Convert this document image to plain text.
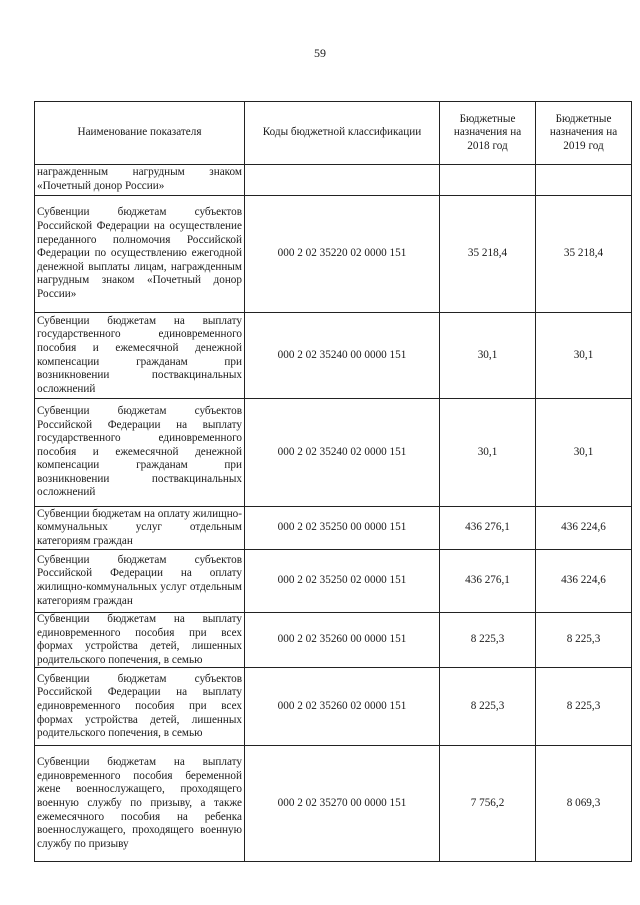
59
Наименование показателя	Коды бюджетной классификации	Бюджетные назначения на 2018 год	Бюджетные назначения на 2019 год
награжденным нагрудным знаком «Почетный донор России»			
Субвенции бюджетам субъектов Российской Федерации на осуществление переданного полномочия Российской Федерации по осуществлению ежегодной денежной выплаты лицам, награжденным нагрудным знаком «Почетный донор России»	000 2 02 35220 02 0000 151	35 218,4	35 218,4
Субвенции бюджетам на выплату государственного единовременного пособия и ежемесячной денежной компенсации гражданам при возникновении поствакцинальных осложнений	000 2 02 35240 00 0000 151	30,1	30,1
Субвенции бюджетам субъектов Российской Федерации на выплату государственного единовременного пособия и ежемесячной денежной компенсации гражданам при возникновении поствакцинальных осложнений	000 2 02 35240 02 0000 151	30,1	30,1
Субвенции бюджетам на оплату жилищно-коммунальных услуг отдельным категориям граждан	000 2 02 35250 00 0000 151	436 276,1	436 224,6
Субвенции бюджетам субъектов Российской Федерации на оплату жилищно-коммунальных услуг отдельным категориям граждан	000 2 02 35250 02 0000 151	436 276,1	436 224,6
Субвенции бюджетам на выплату единовременного пособия при всех формах устройства детей, лишенных родительского попечения, в семью	000 2 02 35260 00 0000 151	8 225,3	8 225,3
Субвенции бюджетам субъектов Российской Федерации на выплату единовременного пособия при всех формах устройства детей, лишенных родительского попечения, в семью	000 2 02 35260 02 0000 151	8 225,3	8 225,3
Субвенции бюджетам на выплату единовременного пособия беременной жене военнослужащего, проходящего военную службу по призыву, а также ежемесячного пособия на ребенка военнослужащего, проходящего военную службу по призыву	000 2 02 35270 00 0000 151	7 756,2	8 069,3
